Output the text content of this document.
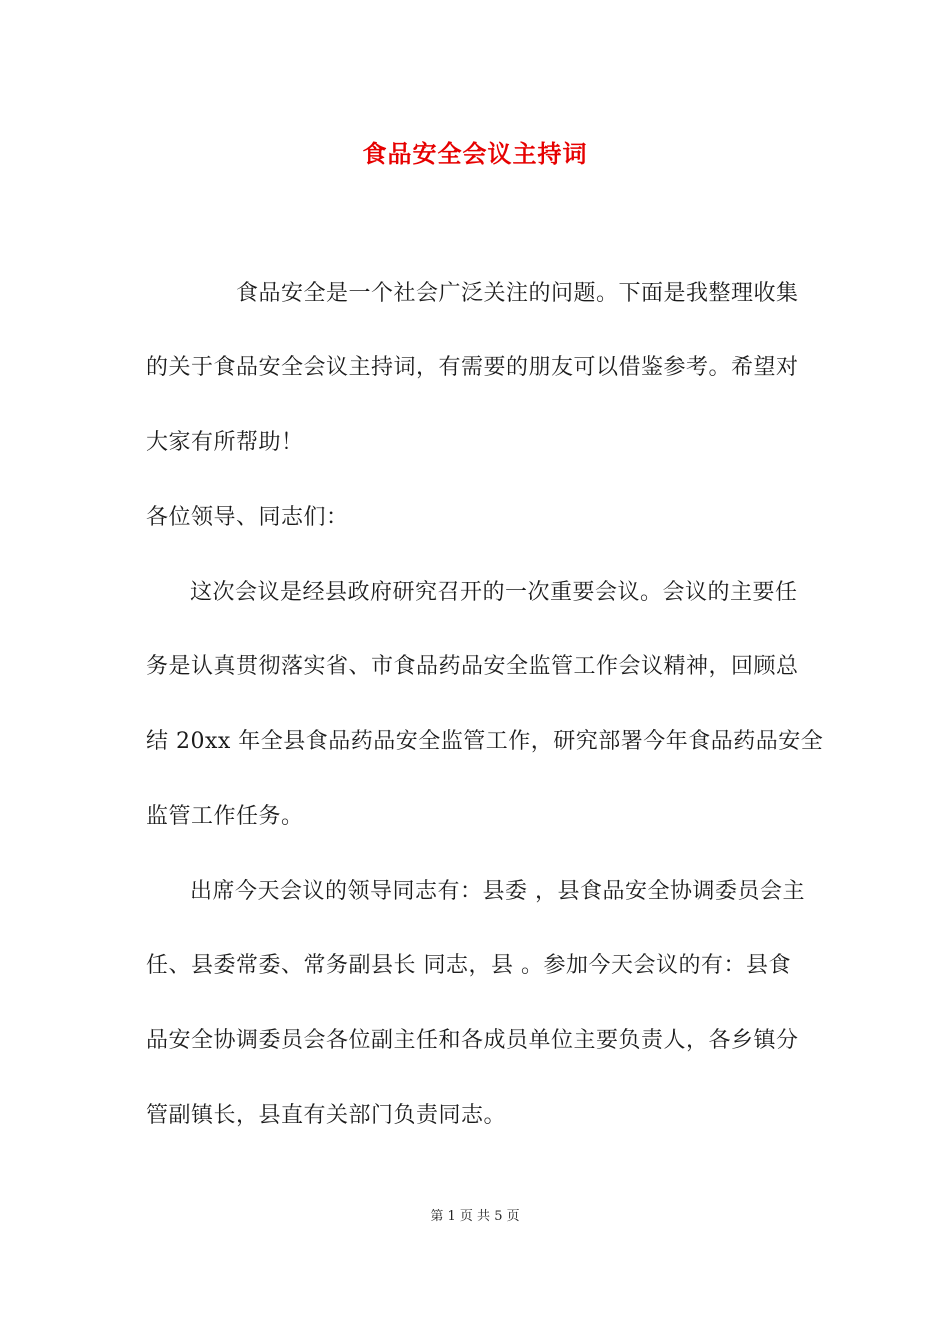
食品安全会议主持词
食品安全是一个社会广泛关注的问题。下面是我整理收集
的关于食品安全会议主持词，有需要的朋友可以借鉴参考。希望对
大家有所帮助！
各位领导、同志们：
这次会议是经县政府研究召开的一次重要会议。会议的主要任
务是认真贯彻落实省、市食品药品安全监管工作会议精神，回顾总
结 20xx 年全县食品药品安全监管工作，研究部署今年食品药品安全
监管工作任务。
出席今天会议的领导同志有：县委 ，县食品安全协调委员会主
任、县委常委、常务副县长 同志，县 。参加今天会议的有：县食
品安全协调委员会各位副主任和各成员单位主要负责人，各乡镇分
管副镇长，县直有关部门负责同志。
第 1 页 共 5 页
